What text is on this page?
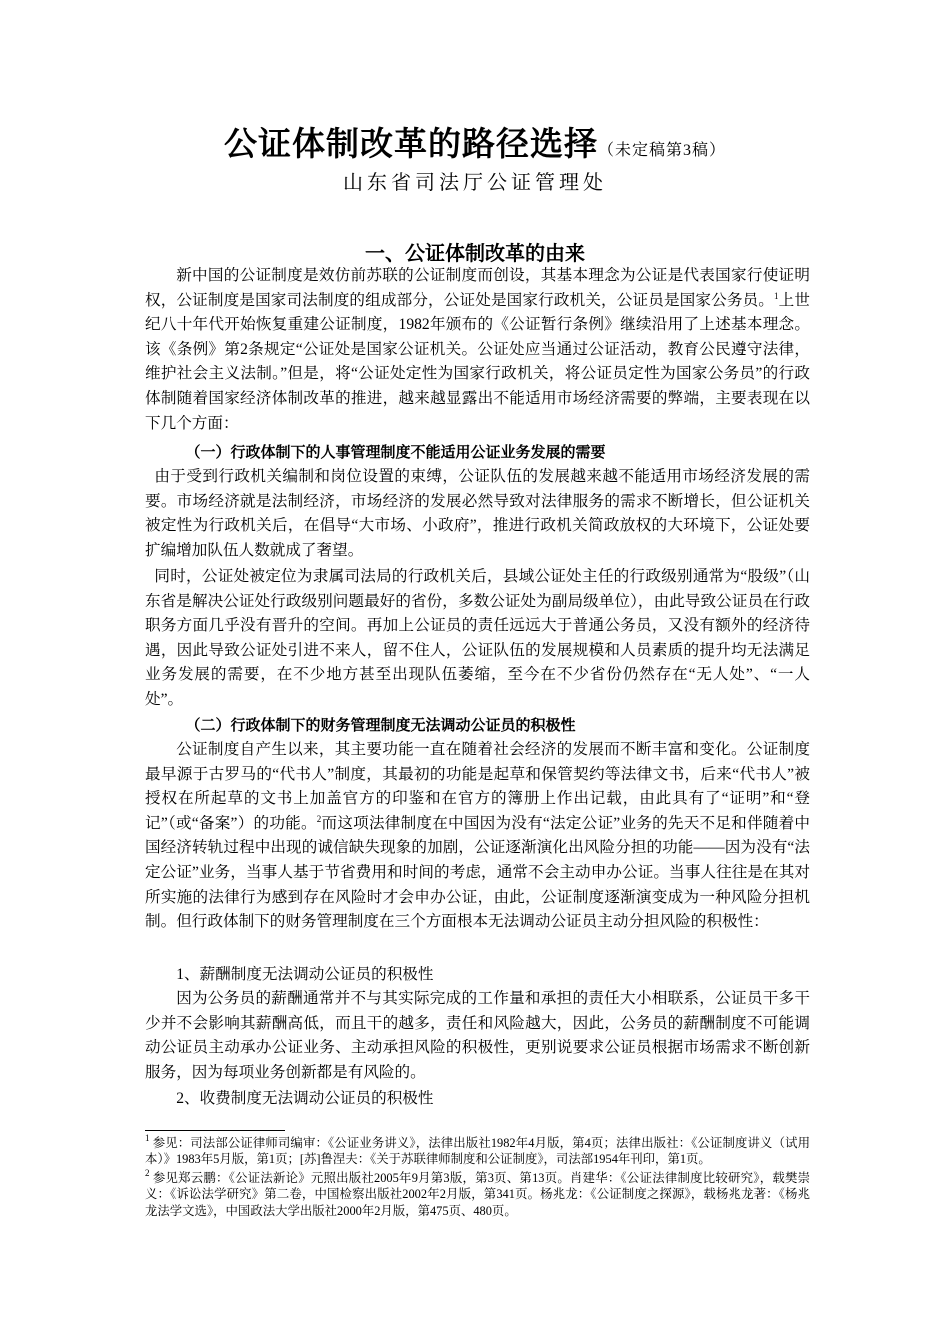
公证体制改革的路径选择（未定稿第3稿）
山东省司法厅公证管理处
一、公证体制改革的由来
新中国的公证制度是效仿前苏联的公证制度而创设，其基本理念为公证是代表国家行使证明权，公证制度是国家司法制度的组成部分，公证处是国家行政机关，公证员是国家公务员。$^1$上世纪八十年代开始恢复重建公证制度，1982年颁布的《公证暂行条例》继续沿用了上述基本理念。该《条例》第2条规定“公证处是国家公证机关。公证处应当通过公证活动，教育公民遵守法律，维护社会主义法制。”但是，将“公证处定性为国家行政机关，将公证员定性为国家公务员”的行政体制随着国家经济体制改革的推进，越来越显露出不能适用市场经济需要的弊端，主要表现在以下几个方面：
（一）行政体制下的人事管理制度不能适用公证业务发展的需要
由于受到行政机关编制和岗位设置的束缚，公证队伍的发展越来越不能适用市场经济发展的需要。市场经济就是法制经济，市场经济的发展必然导致对法律服务的需求不断增长，但公证机关被定性为行政机关后，在倡导“大市场、小政府”，推进行政机关简政放权的大环境下，公证处要扩编增加队伍人数就成了奢望。
同时，公证处被定位为隶属司法局的行政机关后，县域公证处主任的行政级别通常为“股级”（山东省是解决公证处行政级别问题最好的省份，多数公证处为副局级单位），由此导致公证员在行政职务方面几乎没有晋升的空间。再加上公证员的责任远远大于普通公务员，又没有额外的经济待遇，因此导致公证处引进不来人，留不住人，公证队伍的发展规模和人员素质的提升均无法满足业务发展的需要，在不少地方甚至出现队伍萎缩，至今在不少省份仍然存在“无人处”、“一人处”。
（二）行政体制下的财务管理制度无法调动公证员的积极性
公证制度自产生以来，其主要功能一直在随着社会经济的发展而不断丰富和变化。公证制度最早源于古罗马的“代书人”制度，其最初的功能是起草和保管契约等法律文书，后来“代书人”被授权在所起草的文书上加盖官方的印鉴和在官方的簿册上作出记载，由此具有了“证明”和“登记”（或“备案”）的功能。$^2$而这项法律制度在中国因为没有“法定公证”业务的先天不足和伴随着中国经济转轨过程中出现的诚信缺失现象的加剧，公证逐渐演化出风险分担的功能——因为没有“法定公证”业务，当事人基于节省费用和时间的考虑，通常不会主动申办公证。当事人往往是在其对所实施的法律行为感到存在风险时才会申办公证，由此，公证制度逐渐演变成为一种风险分担机制。但行政体制下的财务管理制度在三个方面根本无法调动公证员主动分担风险的积极性：
1、薪酬制度无法调动公证员的积极性
因为公务员的薪酬通常并不与其实际完成的工作量和承担的责任大小相联系，公证员干多干少并不会影响其薪酬高低，而且干的越多，责任和风险越大，因此，公务员的薪酬制度不可能调动公证员主动承办公证业务、主动承担风险的积极性，更别说要求公证员根据市场需求不断创新服务，因为每项业务创新都是有风险的。
2、收费制度无法调动公证员的积极性

$^1$ 参见：司法部公证律师司编审：《公证业务讲义》，法律出版社1982年4月版，第4页；法律出版社：《公证制度讲义（试用本）》1983年5月版，第1页；[苏]鲁涅夫：《关于苏联律师制度和公证制度》，司法部1954年刊印，第1页。

$^2$ 参见郑云鹏：《公证法新论》元照出版社2005年9月第3版，第3页、第13页。肖建华：《公证法律制度比较研究》，载樊崇义：《诉讼法学研究》第二卷，中国检察出版社2002年2月版，第341页。杨兆龙：《公证制度之探源》，载杨兆龙著：《杨兆龙法学文选》，中国政法大学出版社2000年2月版，第475页、480页。
